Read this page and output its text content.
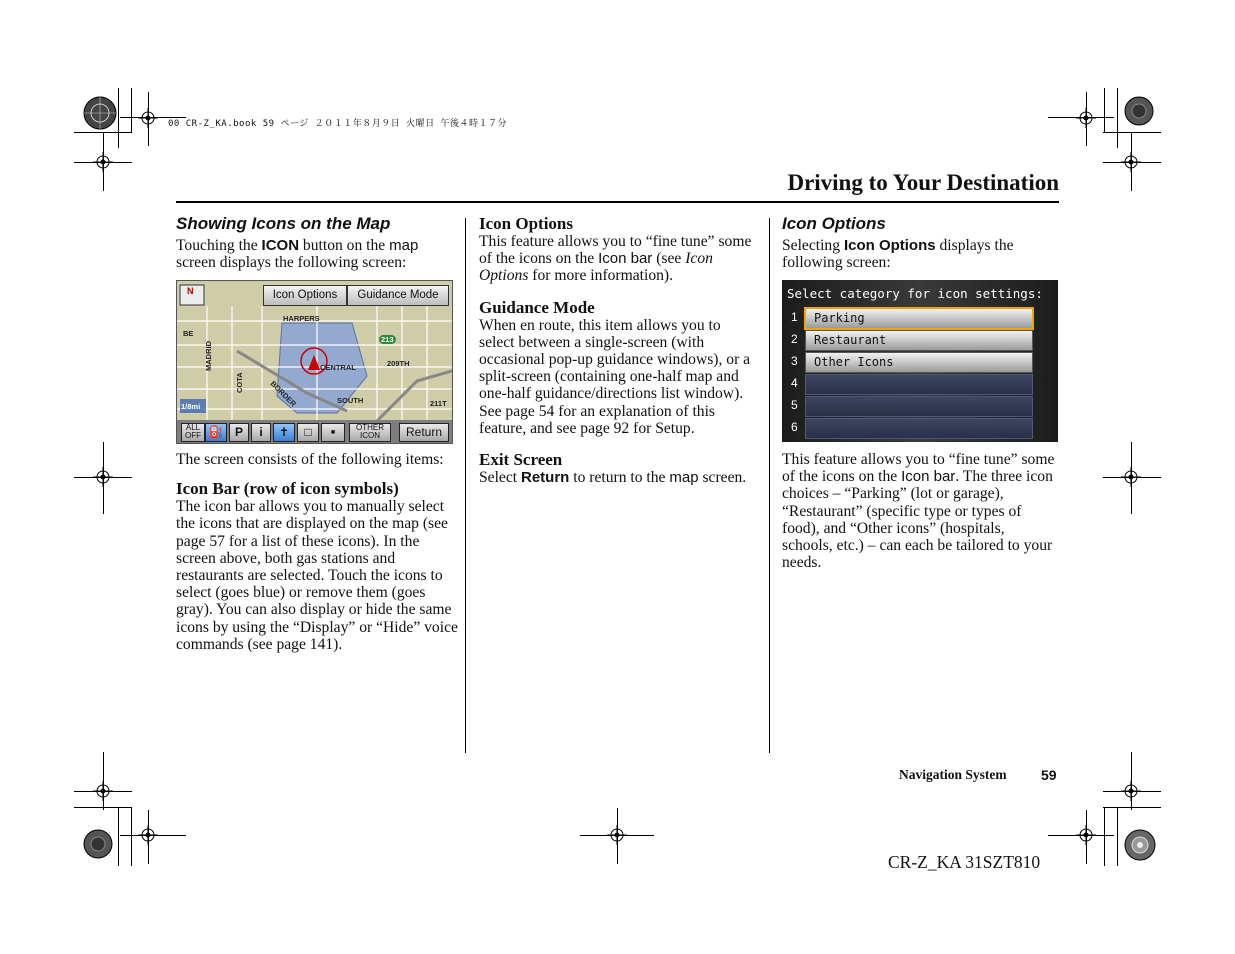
00 CR-Z_KA.book 59 ページ ２０１１年８月９日 火曜日 午後４時１７分
Driving to Your Destination
Showing Icons on the Map

Touching the ICON button on the map screen displays the following screen:

N	Icon Options	Guidance Mode
HARPERS
MADRID
BE
COTA	BORDER
CENTRAL
SOUTH
209TH
211T
213
1/8mi
ALL OFF ⛽ P	i	✝	□	■
OTHER ICON	Return

The screen consists of the following items:

Icon Bar (row of icon symbols)

The icon bar allows you to manually select the icons that are displayed on the map (see page 57 for a list of these icons). In the screen above, both gas stations and restaurants are selected. Touch the icons to select (goes blue) or remove them (goes gray). You can also display or hide the same icons by using the “Display” or “Hide” voice commands (see page 141).

Icon Options

This feature allows you to “fine tune” some of the icons on the Icon bar (see Icon Options for more information).

Guidance Mode

When en route, this item allows you to select between a single-screen (with occasional pop-up guidance windows), or a split-screen (containing one-half map and one-half guidance/directions list window). See page 54 for an explanation of this feature, and see page 92 for Setup.

Exit Screen

Select Return to return to the map screen.

Icon Options

Selecting Icon Options displays the following screen:

Select category for icon settings:
1 Parking
2 Restaurant
3 Other Icons
4
5
6

This feature allows you to “fine tune” some of the icons on the Icon bar. The three icon choices – “Parking” (lot or garage), “Restaurant” (specific type or types of food), and “Other icons” (hospitals, schools, etc.) – can each be tailored to your needs.

Navigation System 59
CR-Z_KA 31SZT810
